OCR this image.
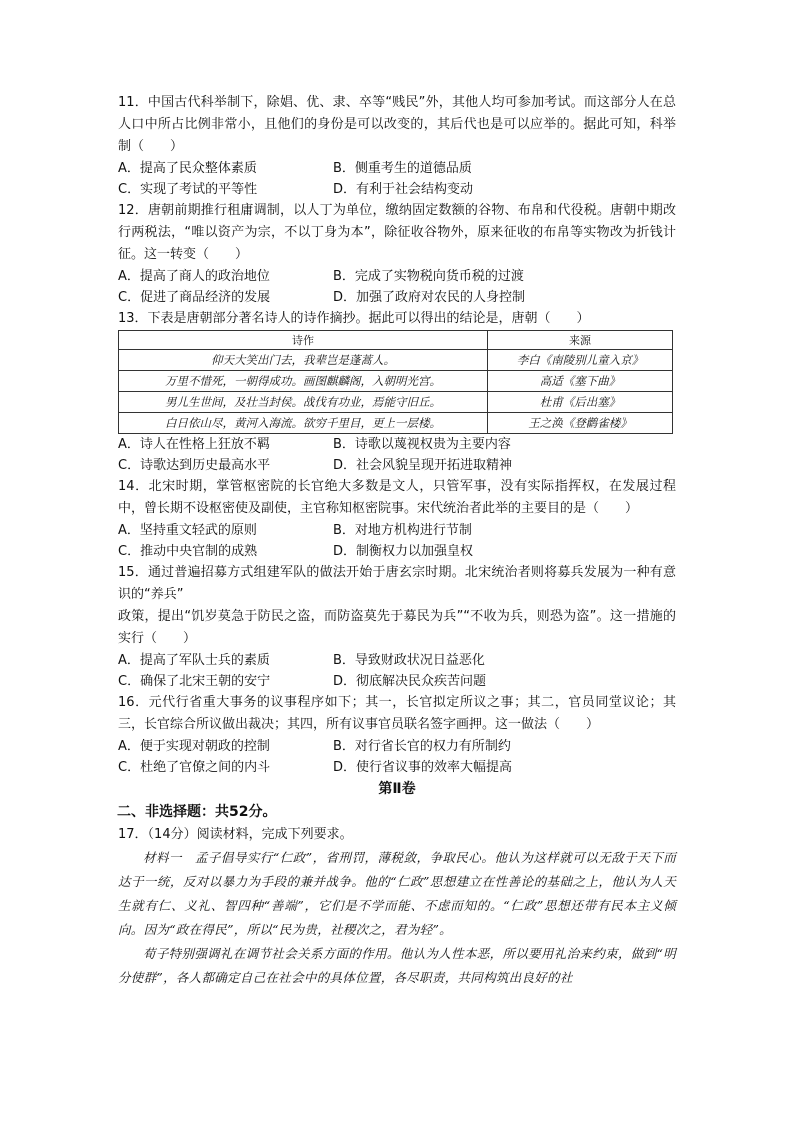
11．中国古代科举制下，除娼、优、隶、卒等“贱民”外，其他人均可参加考试。而这部分人在总人口中所占比例非常小，且他们的身份是可以改变的，其后代也是可以应举的。据此可知，科举制（　　）

A．提高了民众整体素质	B．侧重考生的道德品质
C．实现了考试的平等性	D．有利于社会结构变动

12．唐朝前期推行租庸调制，以人丁为单位，缴纳固定数额的谷物、布帛和代役税。唐朝中期改行两税法，“唯以资产为宗，不以丁身为本”，除征收谷物外，原来征收的布帛等实物改为折钱计征。这一转变（　　）

A．提高了商人的政治地位	B．完成了实物税向货币税的过渡
C．促进了商品经济的发展	D．加强了政府对农民的人身控制

13．下表是唐朝部分著名诗人的诗作摘抄。据此可以得出的结论是，唐朝（　　）

诗作	来源
仰天大笑出门去，我辈岂是蓬蒿人。	李白《南陵别儿童入京》
万里不惜死，一朝得成功。画图麒麟阁，入朝明光宫。	高适《塞下曲》
男儿生世间，及壮当封侯。战伐有功业，焉能守旧丘。	杜甫《后出塞》
白日依山尽，黄河入海流。欲穷千里目，更上一层楼。	王之涣《登鹳雀楼》
A．诗人在性格上狂放不羁	B．诗歌以蔑视权贵为主要内容
C．诗歌达到历史最高水平	D．社会风貌呈现开拓进取精神

14．北宋时期，掌管枢密院的长官绝大多数是文人，只管军事，没有实际指挥权，在发展过程中，曾长期不设枢密使及副使，主官称知枢密院事。宋代统治者此举的主要目的是（　　）

A．坚持重文轻武的原则	B．对地方机构进行节制
C．推动中央官制的成熟	D．制衡权力以加强皇权

15．通过普遍招募方式组建军队的做法开始于唐玄宗时期。北宋统治者则将募兵发展为一种有意识的“养兵”

政策，提出“饥岁莫急于防民之盗，而防盗莫先于募民为兵”“不收为兵，则恐为盗”。这一措施的实行（　　）

A．提高了军队士兵的素质	B．导致财政状况日益恶化
C．确保了北宋王朝的安宁	D．彻底解决民众疾苦问题

16．元代行省重大事务的议事程序如下；其一，长官拟定所议之事；其二，官员同堂议论；其三，长官综合所议做出裁决；其四，所有议事官员联名签字画押。这一做法（　　）

A．便于实现对朝政的控制	B．对行省长官的权力有所制约
C．杜绝了官僚之间的内斗	D．使行省议事的效率大幅提高
第Ⅱ卷
二、非选择题：共52分。

17．（14分）阅读材料，完成下列要求。

材料一　孟子倡导实行“仁政”，省刑罚，薄税敛，争取民心。他认为这样就可以无敌于天下而达于一统，反对以暴力为手段的兼并战争。他的“仁政”思想建立在性善论的基础之上，他认为人天生就有仁、义礼、智四种“善端”，它们是不学而能、不虑而知的。“仁政”思想还带有民本主义倾向。因为“政在得民”，所以“民为贵，社稷次之，君为轻”。

荀子特别强调礼在调节社会关系方面的作用。他认为人性本恶，所以要用礼治来约束，做到“明分使群”，各人都确定自己在社会中的具体位置，各尽职责，共同构筑出良好的社
